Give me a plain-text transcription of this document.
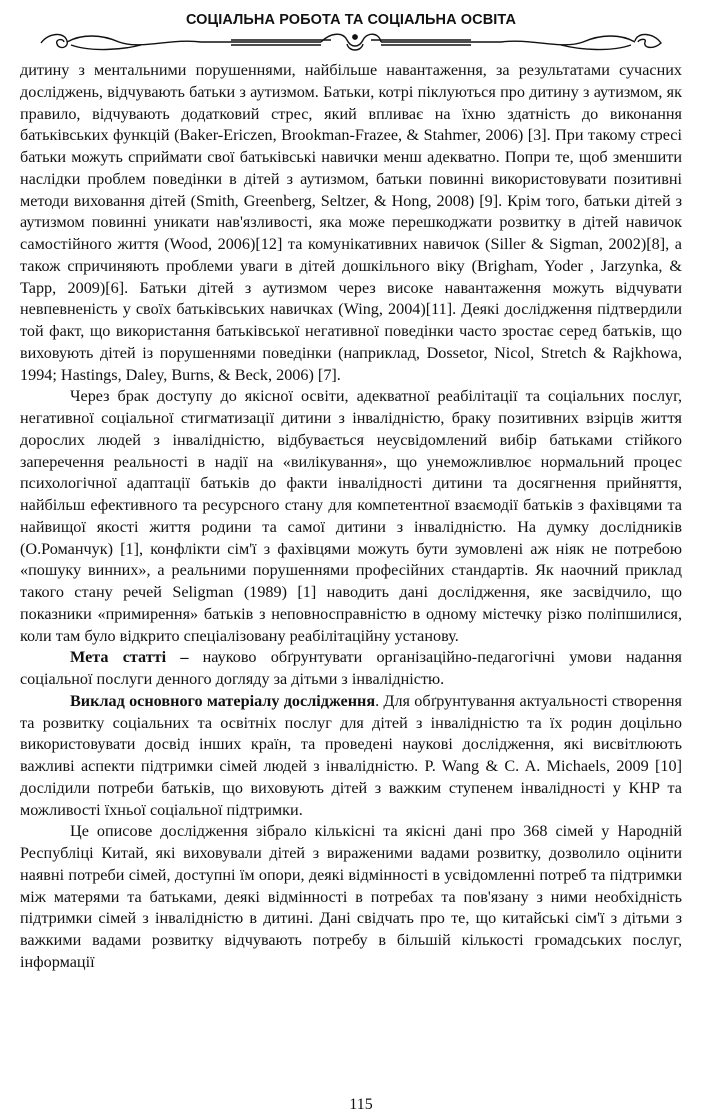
СОЦІАЛЬНА РОБОТА ТА СОЦІАЛЬНА ОСВІТА

дитину з ментальними порушеннями, найбільше навантаження, за результатами сучасних досліджень, відчувають батьки з аутизмом. Батьки, котрі піклуються про дитину з аутизмом, як правило, відчувають додатковий стрес, який впливає на їхню здатність до виконання батьківських функцій (Baker-Ericzen, Brookman-Frazee, & Stahmer, 2006) [3]. При такому стресі батьки можуть сприймати свої батьківські навички менш адекватно. Попри те, щоб зменшити наслідки проблем поведінки в дітей з аутизмом, батьки повинні використовувати позитивні методи виховання дітей (Smith, Greenberg, Seltzer, & Hong, 2008) [9]. Крім того, батьки дітей з аутизмом повинні уникати нав'язливості, яка може перешкоджати розвитку в дітей навичок самостійного життя (Wood, 2006)[12] та комунікативних навичок (Siller & Sigman, 2002)[8], а також спричиняють проблеми уваги в дітей дошкільного віку (Brigham, Yoder , Jarzynka, & Tapp, 2009)[6]. Батьки дітей з аутизмом через високе навантаження можуть відчувати невпевненість у своїх батьківських навичках (Wing, 2004)[11]. Деякі дослідження підтвердили той факт, що використання батьківської негативної поведінки часто зростає серед батьків, що виховують дітей із порушеннями поведінки (наприклад, Dossetor, Nicol, Stretch & Rajkhowa, 1994; Hastings, Daley, Burns, & Beck, 2006) [7].

Через брак доступу до якісної освіти, адекватної реабілітації та соціальних послуг, негативної соціальної стигматизації дитини з інвалідністю, браку позитивних взірців життя дорослих людей з інвалідністю, відбувається неусвідомлений вибір батьками стійкого заперечення реальності в надії на «вилікування», що унеможливлює нормальний процес психологічної адаптації батьків до факти інвалідності дитини та досягнення прийняття, найбільш ефективного та ресурсного стану для компетентної взаємодії батьків з фахівцями та найвищої якості життя родини та самої дитини з інвалідністю. На думку дослідників (О.Романчук) [1], конфлікти сім'ї з фахівцями можуть бути зумовлені аж ніяк не потребою «пошуку винних», а реальними порушеннями професійних стандартів. Як наочний приклад такого стану речей Seligman (1989) [1] наводить дані дослідження, яке засвідчило, що показники «примирення» батьків з неповносправністю в одному містечку різко поліпшилися, коли там було відкрито спеціалізовану реабілітаційну установу.

Мета статті – науково обґрунтувати організаційно-педагогічні умови надання соціальної послуги денного догляду за дітьми з інвалідністю.

Виклад основного матеріалу дослідження. Для обґрунтування актуальності створення та розвитку соціальних та освітніх послуг для дітей з інвалідністю та їх родин доцільно використовувати досвід інших країн, та проведені наукові дослідження, які висвітлюють важливі аспекти підтримки сімей людей з інвалідністю. P. Wang & C. A. Michaels, 2009 [10] дослідили потреби батьків, що виховують дітей з важким ступенем інвалідності у КНР та можливості їхньої соціальної підтримки.

Це описове дослідження зібрало кількісні та якісні дані про 368 сімей у Народній Республіці Китай, які виховували дітей з вираженими вадами розвитку, дозволило оцінити наявні потреби сімей, доступні їм опори, деякі відмінності в усвідомленні потреб та підтримки між матерями та батьками, деякі відмінності в потребах та пов'язану з ними необхідність підтримки сімей з інвалідністю в дитині. Дані свідчать про те, що китайські сім'ї з дітьми з важкими вадами розвитку відчувають потребу в більшій кількості громадських послуг, інформації

115
